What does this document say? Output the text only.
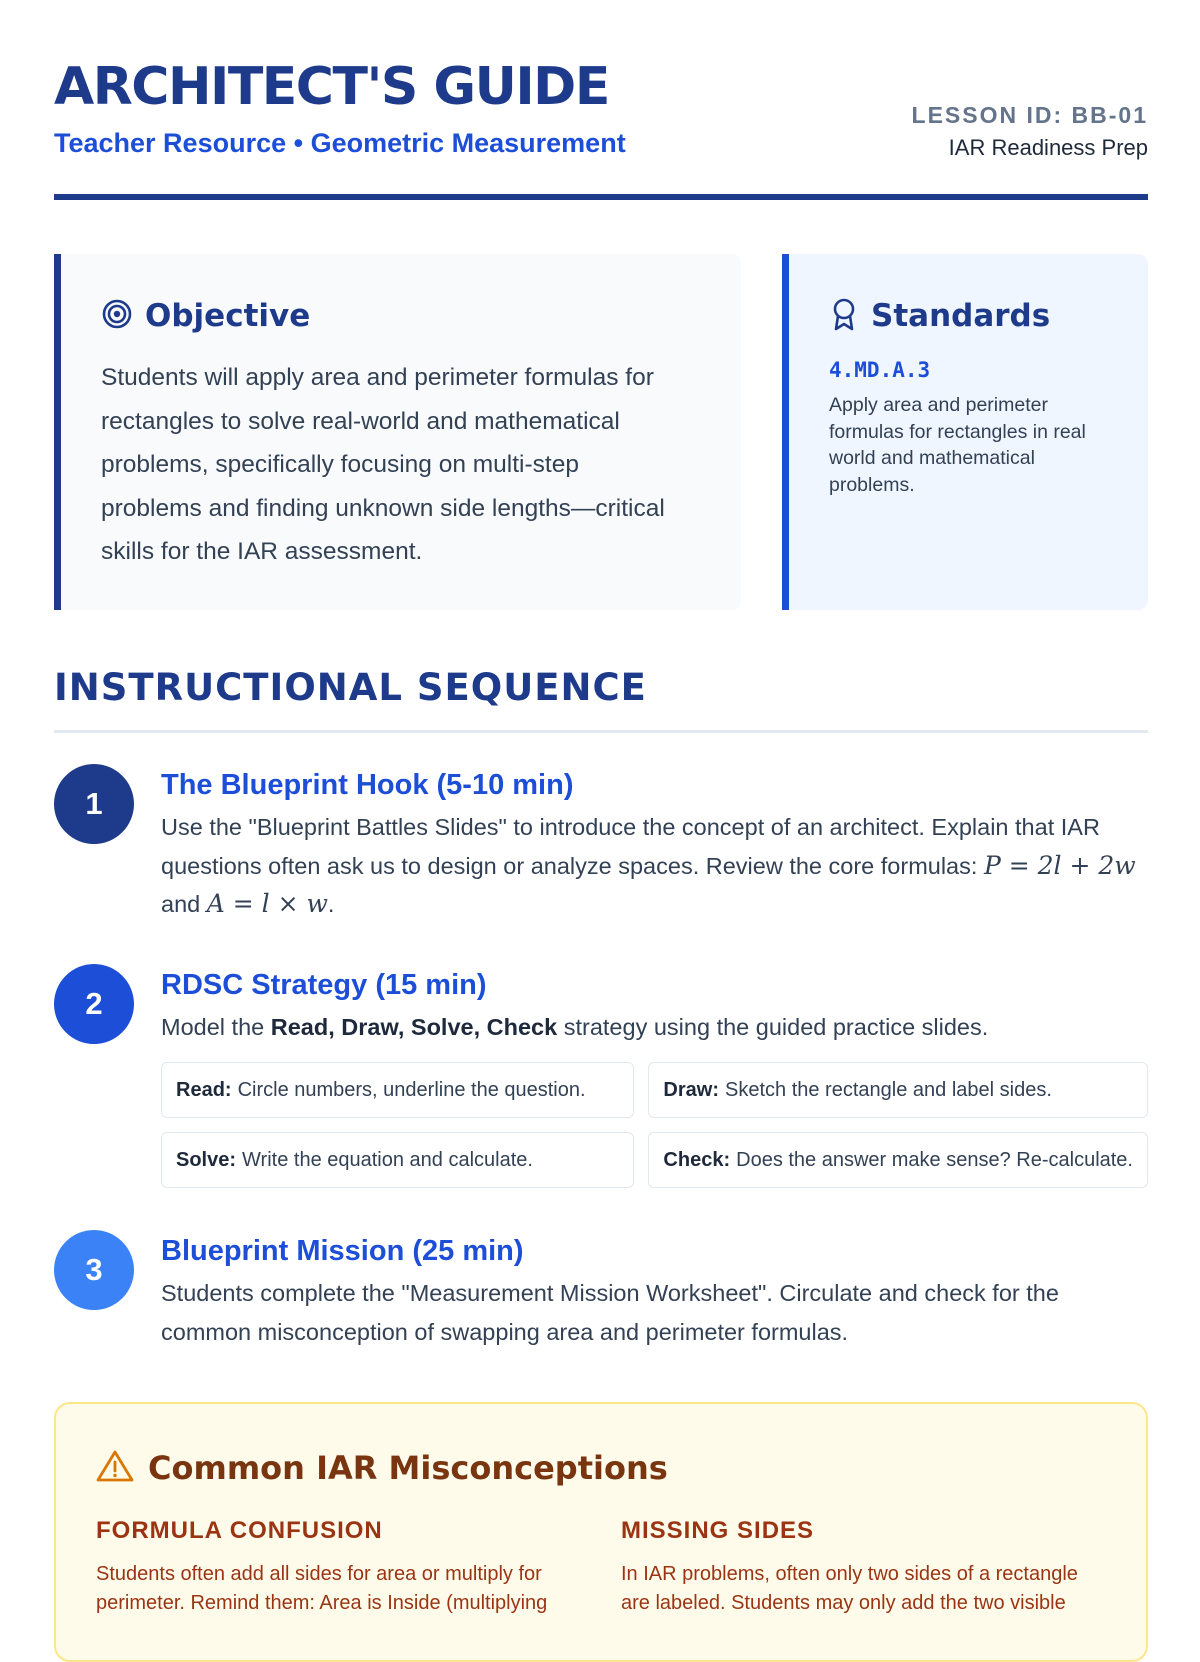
ARCHITECT'S GUIDE
Teacher Resource • Geometric Measurement
LESSON ID: BB-01
IAR Readiness Prep
Objective

Students will apply area and perimeter formulas for rectangles to solve real-world and mathematical problems, specifically focusing on multi-step problems and finding unknown side lengths—critical skills for the IAR assessment.

Standards
4.MD.A.3

Apply area and perimeter formulas for rectangles in real world and mathematical problems.

INSTRUCTIONAL SEQUENCE
1
The Blueprint Hook (5-10 min)

Use the "Blueprint Battles Slides" to introduce the concept of an architect. Explain that IAR questions often ask us to design or analyze spaces. Review the core formulas: P = 2l + 2w and A = l × w.

2
RDSC Strategy (15 min)

Model the Read, Draw, Solve, Check strategy using the guided practice slides.

Read: Circle numbers, underline the question.	Draw: Sketch the rectangle and label sides.
Solve: Write the equation and calculate.	Check: Does the answer make sense? Re-calculate.
3
Blueprint Mission (25 min)

Students complete the "Measurement Mission Worksheet". Circulate and check for the common misconception of swapping area and perimeter formulas.

Common IAR Misconceptions
FORMULA CONFUSION

Students often add all sides for area or multiply for perimeter. Remind them: Area is Inside (multiplying

MISSING SIDES

In IAR problems, often only two sides of a rectangle are labeled. Students may only add the two visible
